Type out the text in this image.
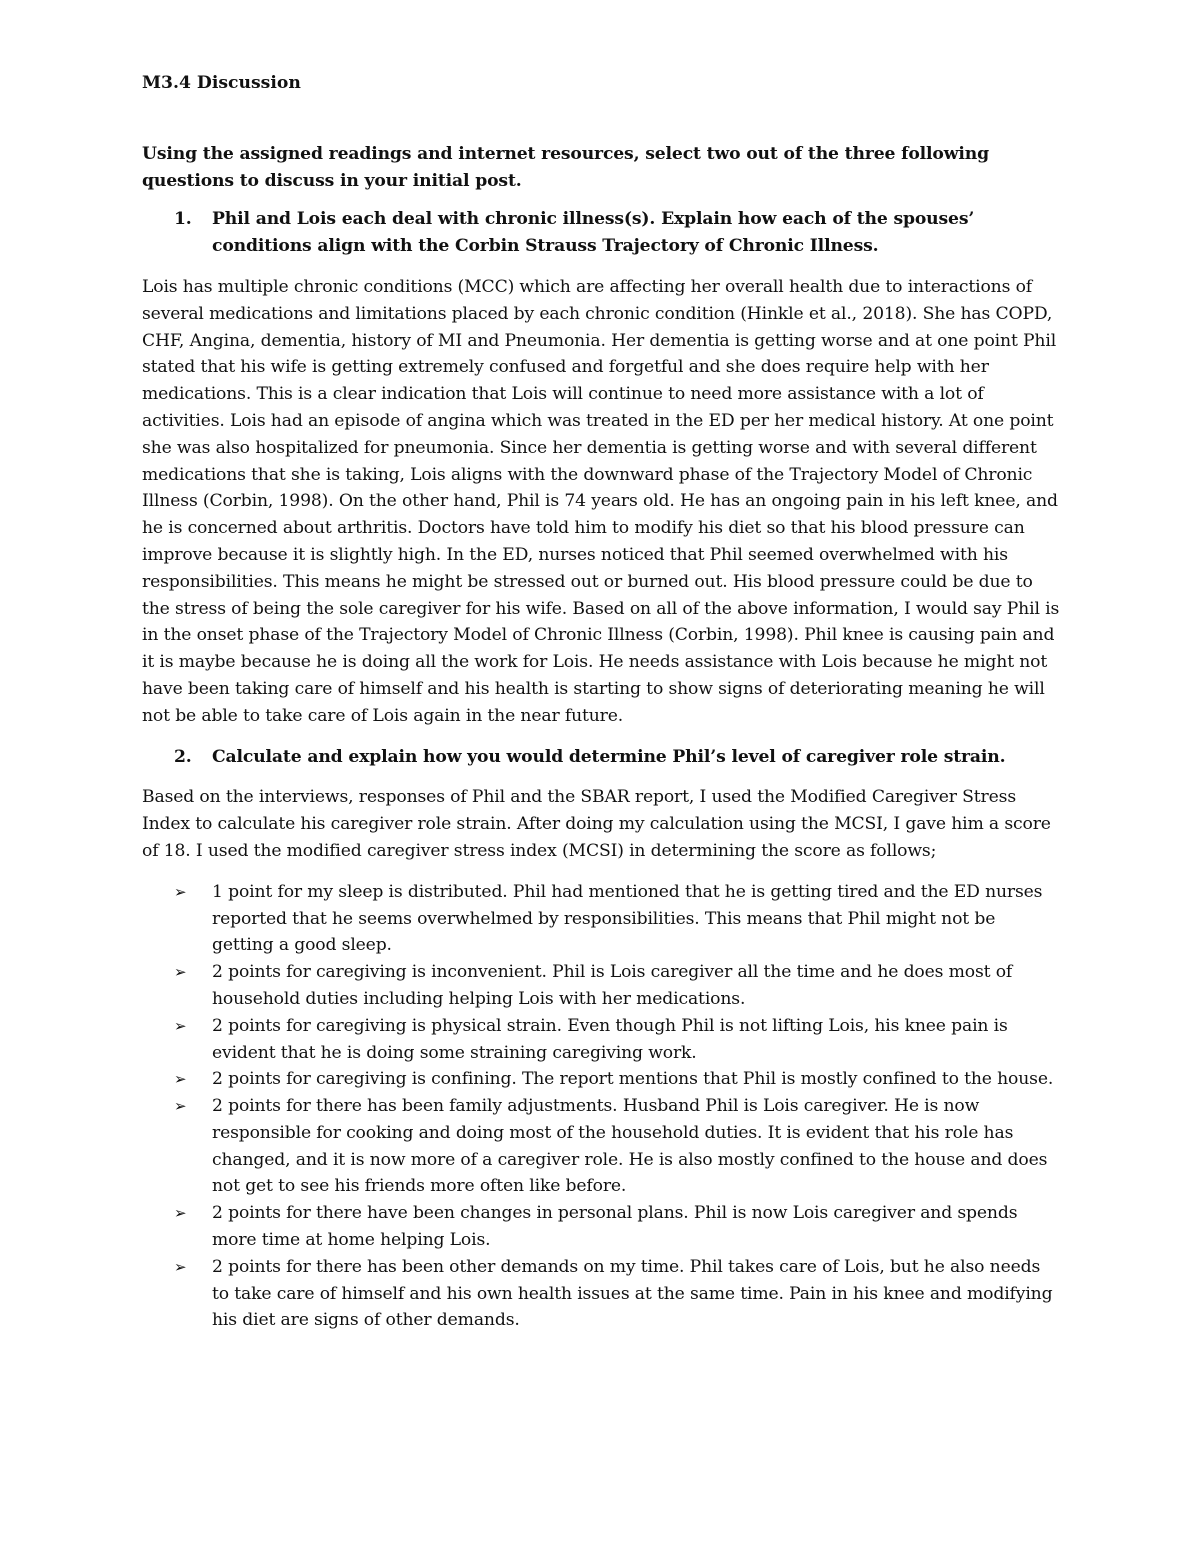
M3.4 Discussion
Using the assigned readings and internet resources, select two out of the three following questions to discuss in your initial post.
1.	Phil and Lois each deal with chronic illness(s). Explain how each of the spouses’ conditions align with the Corbin Strauss Trajectory of Chronic Illness.

Lois has multiple chronic conditions (MCC) which are affecting her overall health due to interactions of several medications and limitations placed by each chronic condition (Hinkle et al., 2018). She has COPD, CHF, Angina, dementia, history of MI and Pneumonia. Her dementia is getting worse and at one point Phil stated that his wife is getting extremely confused and forgetful and she does require help with her medications. This is a clear indication that Lois will continue to need more assistance with a lot of activities. Lois had an episode of angina which was treated in the ED per her medical history. At one point she was also hospitalized for pneumonia. Since her dementia is getting worse and with several different medications that she is taking, Lois aligns with the downward phase of the Trajectory Model of Chronic Illness (Corbin, 1998). On the other hand, Phil is 74 years old. He has an ongoing pain in his left knee, and he is concerned about arthritis. Doctors have told him to modify his diet so that his blood pressure can improve because it is slightly high. In the ED, nurses noticed that Phil seemed overwhelmed with his responsibilities. This means he might be stressed out or burned out. His blood pressure could be due to the stress of being the sole caregiver for his wife. Based on all of the above information, I would say Phil is in the onset phase of the Trajectory Model of Chronic Illness (Corbin, 1998). Phil knee is causing pain and it is maybe because he is doing all the work for Lois. He needs assistance with Lois because he might not have been taking care of himself and his health is starting to show signs of deteriorating meaning he will not be able to take care of Lois again in the near future.

2.	Calculate and explain how you would determine Phil’s level of caregiver role strain.

Based on the interviews, responses of Phil and the SBAR report, I used the Modified Caregiver Stress Index to calculate his caregiver role strain. After doing my calculation using the MCSI, I gave him a score of 18. I used the modified caregiver stress index (MCSI) in determining the score as follows;

➢	1 point for my sleep is distributed. Phil had mentioned that he is getting tired and the ED nurses reported that he seems overwhelmed by responsibilities. This means that Phil might not be getting a good sleep.
➢	2 points for caregiving is inconvenient. Phil is Lois caregiver all the time and he does most of household duties including helping Lois with her medications.
➢	2 points for caregiving is physical strain. Even though Phil is not lifting Lois, his knee pain is evident that he is doing some straining caregiving work.
➢	2 points for caregiving is confining. The report mentions that Phil is mostly confined to the house.
➢	2 points for there has been family adjustments. Husband Phil is Lois caregiver. He is now responsible for cooking and doing most of the household duties. It is evident that his role has changed, and it is now more of a caregiver role. He is also mostly confined to the house and does not get to see his friends more often like before.
➢	2 points for there have been changes in personal plans. Phil is now Lois caregiver and spends more time at home helping Lois.
➢	2 points for there has been other demands on my time. Phil takes care of Lois, but he also needs to take care of himself and his own health issues at the same time. Pain in his knee and modifying his diet are signs of other demands.
